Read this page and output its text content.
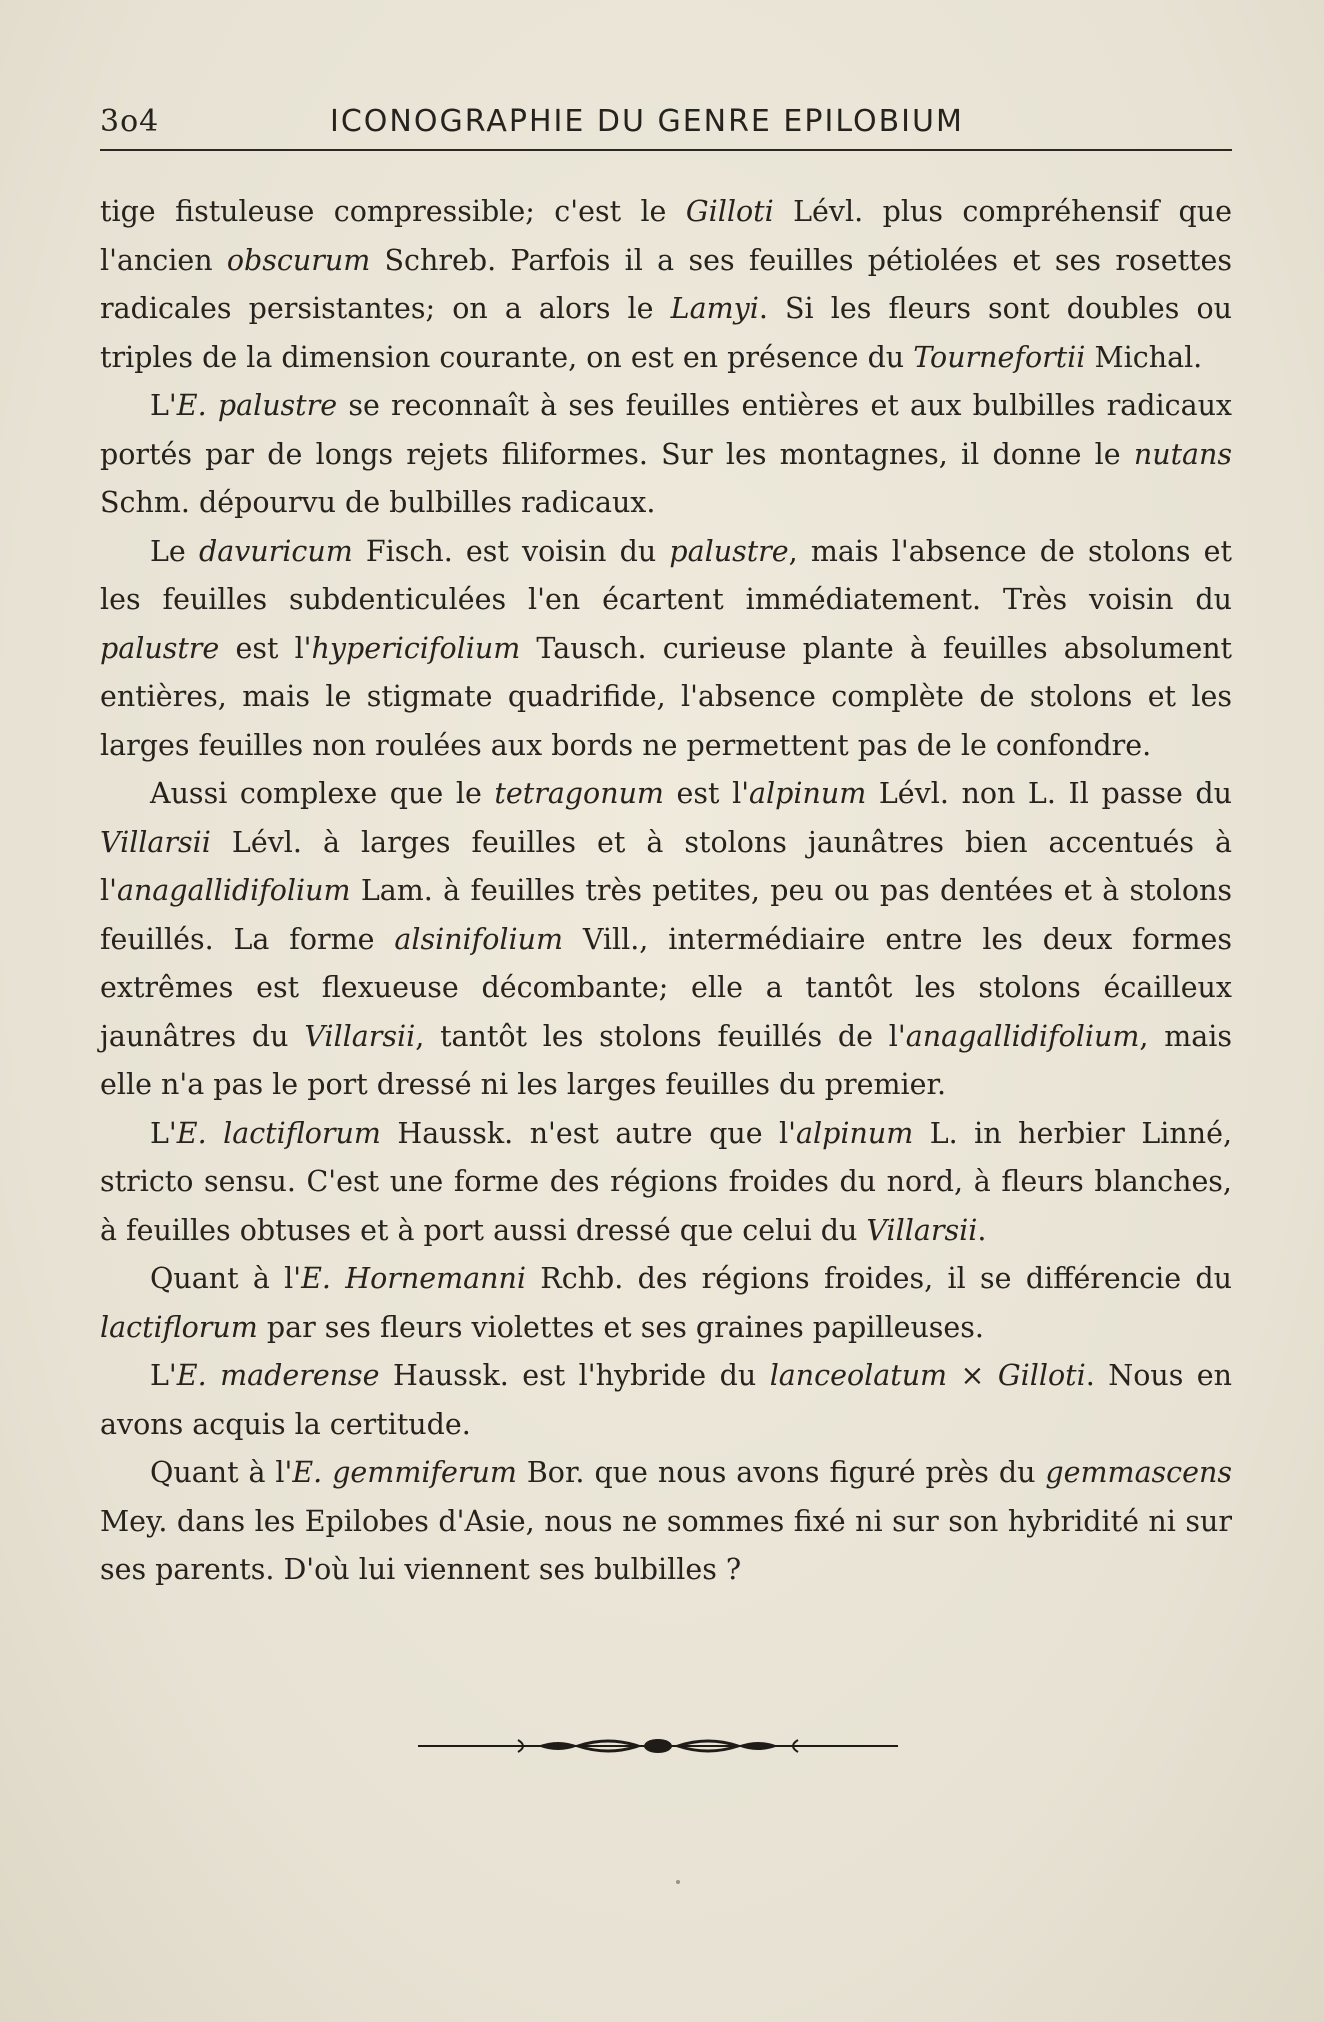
3o4	ICONOGRAPHIE DU GENRE EPILOBIUM

tige fistuleuse compressible; c'est le Gilloti Lévl. plus compréhensif que l'ancien obscurum Schreb. Parfois il a ses feuilles pétiolées et ses rosettes radicales persistantes; on a alors le Lamyi. Si les fleurs sont doubles ou triples de la dimension courante, on est en présence du Tournefortii Michal.

L'E. palustre se reconnaît à ses feuilles entières et aux bulbilles radicaux portés par de longs rejets filiformes. Sur les montagnes, il donne le nutans Schm. dépourvu de bulbilles radicaux.

Le davuricum Fisch. est voisin du palustre, mais l'absence de stolons et les feuilles subdenticulées l'en écartent immédiatement. Très voisin du palustre est l'hypericifolium Tausch. curieuse plante à feuilles absolument entières, mais le stigmate quadrifide, l'absence complète de stolons et les larges feuilles non roulées aux bords ne permettent pas de le confondre.

Aussi complexe que le tetragonum est l'alpinum Lévl. non L. Il passe du Villarsii Lévl. à larges feuilles et à stolons jaunâtres bien accentués à l'anagallidifolium Lam. à feuilles très petites, peu ou pas dentées et à stolons feuillés. La forme alsinifolium Vill., intermédiaire entre les deux formes extrêmes est flexueuse décombante; elle a tantôt les stolons écailleux jaunâtres du Villarsii, tantôt les stolons feuillés de l'anagallidifolium, mais elle n'a pas le port dressé ni les larges feuilles du premier.

L'E. lactiflorum Haussk. n'est autre que l'alpinum L. in herbier Linné, stricto sensu. C'est une forme des régions froides du nord, à fleurs blanches, à feuilles obtuses et à port aussi dressé que celui du Villarsii.

Quant à l'E. Hornemanni Rchb. des régions froides, il se différencie du lactiflorum par ses fleurs violettes et ses graines papilleuses.

L'E. maderense Haussk. est l'hybride du lanceolatum × Gilloti. Nous en avons acquis la certitude.

Quant à l'E. gemmiferum Bor. que nous avons figuré près du gemmascens Mey. dans les Epilobes d'Asie, nous ne sommes fixé ni sur son hybridité ni sur ses parents. D'où lui viennent ses bulbilles ?
